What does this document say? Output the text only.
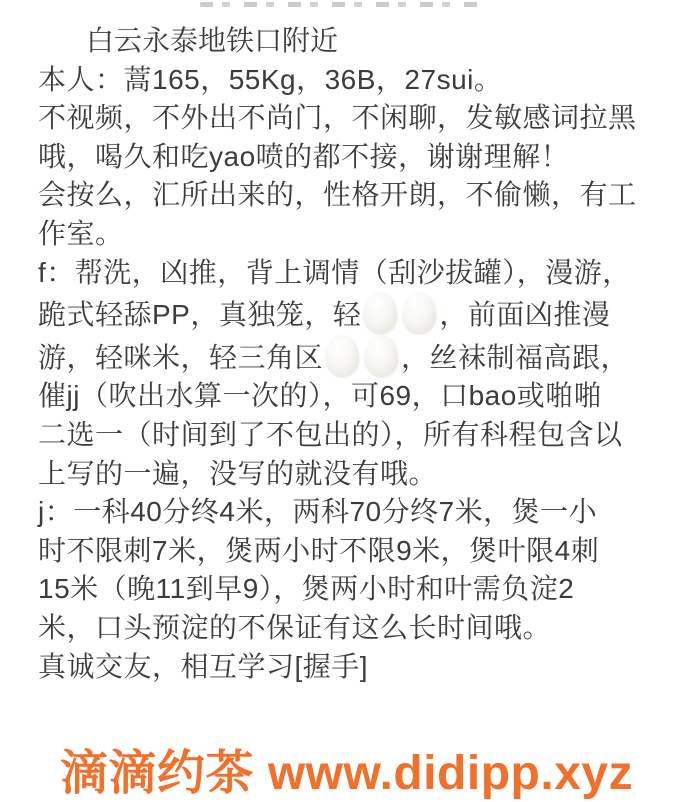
白云永泰地铁口附近
本人：蒿165，55Kg，36B，27sui。
不视频，不外出不尚门，不闲聊，发敏感词拉黑
哦，喝久和吃yao喷的都不接，谢谢理解！
会按么，汇所出来的，性格开朗，不偷懒，有工
作室。
f：帮洗，凶推，背上调情（刮沙拔罐），漫游，
跪式轻舔PP，真独笼，轻	，前面凶推漫
游，轻咪米，轻三角区	，丝袜制福高跟，
催jj（吹出水算一次的），可69，口bao或啪啪
二选一（时间到了不包出的），所有科程包含以
上写的一遍，没写的就没有哦。
j：一科40分终4米，两科70分终7米，煲一小
时不限刺7米，煲两小时不限9米，煲叶限4刺
15米（晚11到早9），煲两小时和叶需负淀2
米，口头预淀的不保证有这么长时间哦。
真诚交友，相互学习[握手]
滴滴约茶 www.didipp.xyz
